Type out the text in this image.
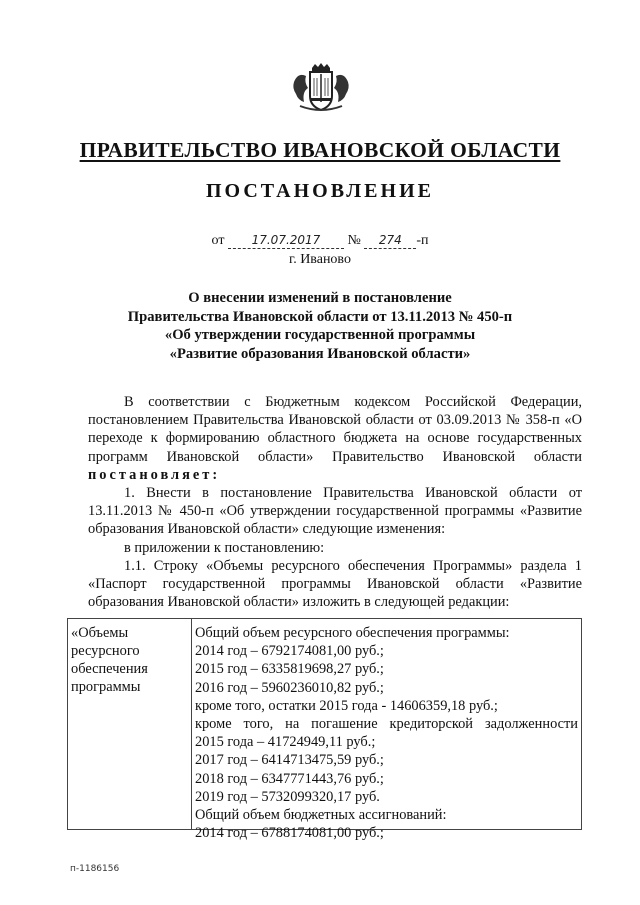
ПРАВИТЕЛЬСТВО ИВАНОВСКОЙ ОБЛАСТИ
ПОСТАНОВЛЕНИЕ
от 17.07.2017 № 274 -п
г. Иваново
О внесении изменений в постановление
Правительства Ивановской области от 13.11.2013 № 450-п
«Об утверждении государственной программы
«Развитие образования Ивановской области»

В соответствии с Бюджетным кодексом Российской Федерации, постановлением Правительства Ивановской области от 03.09.2013 № 358-п «О переходе к формированию областного бюджета на основе государственных программ Ивановской области» Правительство Ивановской области постановляет:

1. Внести в постановление Правительства Ивановской области от 13.11.2013 № 450-п «Об утверждении государственной программы «Развитие образования Ивановской области» следующие изменения:

в приложении к постановлению:

1.1. Строку «Объемы ресурсного обеспечения Программы» раздела 1 «Паспорт государственной программы Ивановской области «Развитие образования Ивановской области» изложить в следующей редакции:

«Объемы
ресурсного
обеспечения
программы
Общий объем ресурсного обеспечения программы:
2014 год – 6792174081,00 руб.;
2015 год – 6335819698,27 руб.;
2016 год – 5960236010,82 руб.;
кроме того, остатки 2015 года - 14606359,18 руб.;
кроме того, на погашение кредиторской задолженности
2015 года – 41724949,11 руб.;
2017 год – 6414713475,59 руб.;
2018 год – 6347771443,76 руб.;
2019 год – 5732099320,17 руб.
Общий объем бюджетных ассигнований:
2014 год – 6788174081,00 руб.;
п-1186156
